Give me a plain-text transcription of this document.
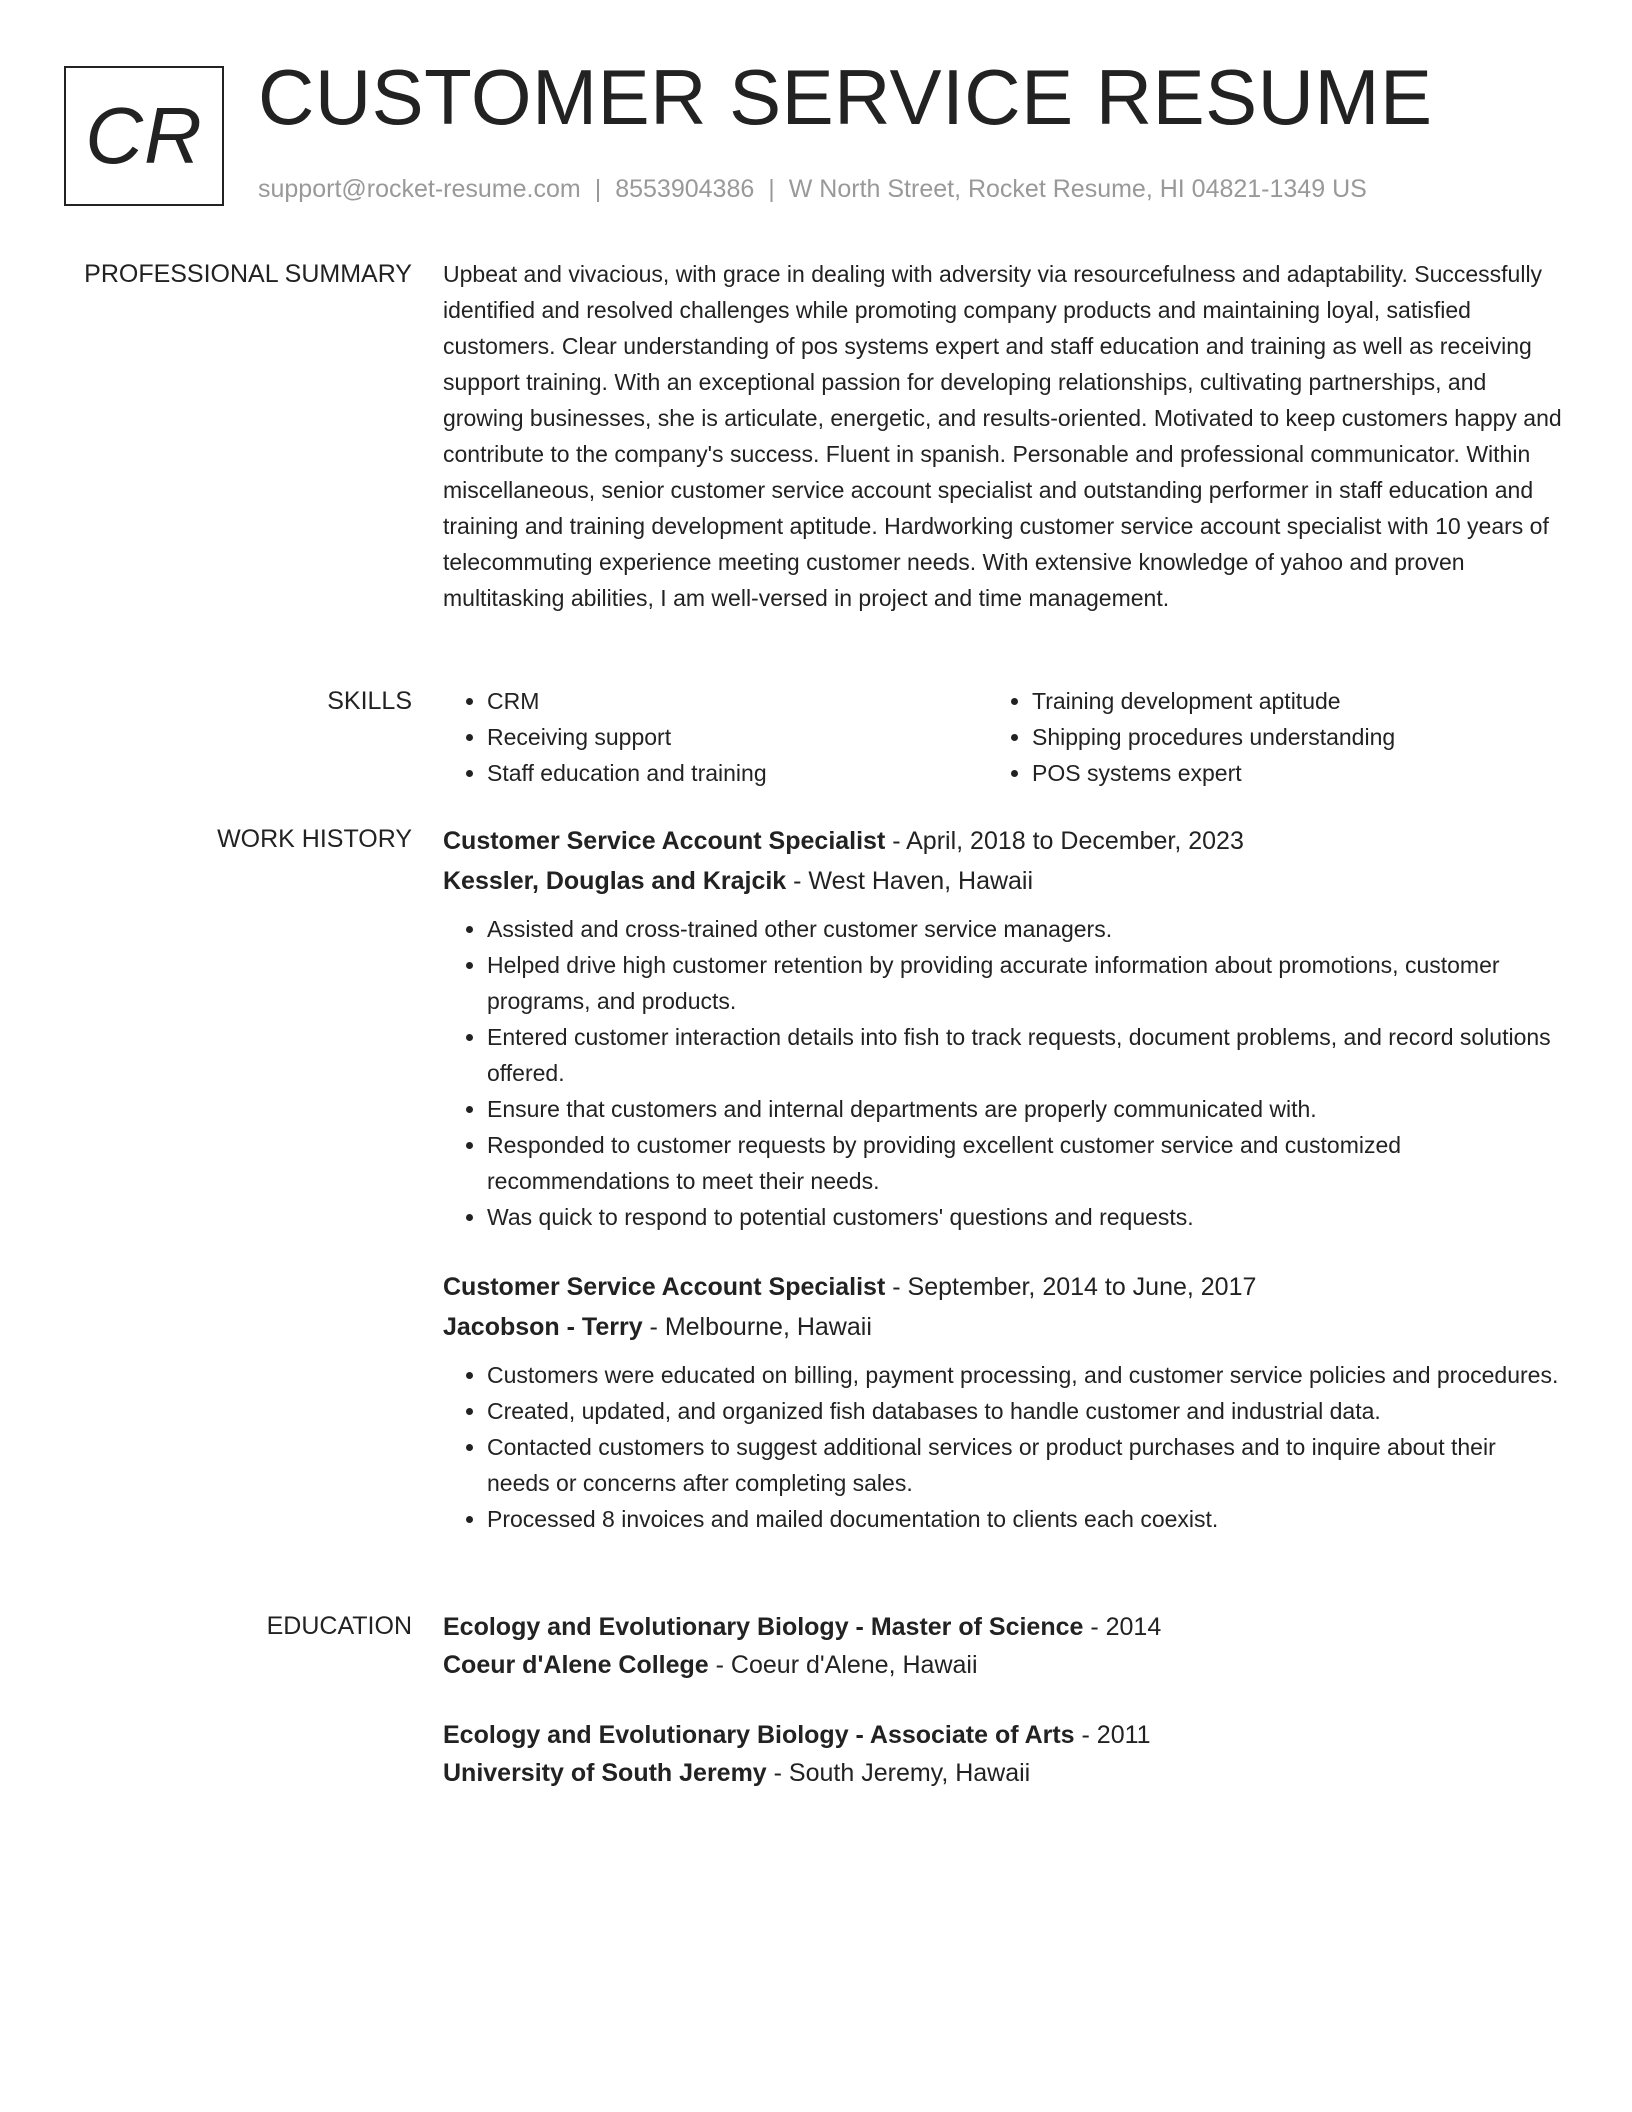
CR CUSTOMER SERVICE RESUME
support@rocket-resume.com | 8553904386 | W North Street, Rocket Resume, HI 04821-1349 US
PROFESSIONAL SUMMARY Upbeat and vivacious, with grace in dealing with adversity via resourcefulness and adaptability. Successfully identified and resolved challenges while promoting company products and maintaining loyal, satisfied customers. Clear understanding of pos systems expert and staff education and training as well as receiving support training. With an exceptional passion for developing relationships, cultivating partnerships, and growing businesses, she is articulate, energetic, and results-oriented. Motivated to keep customers happy and contribute to the company's success. Fluent in spanish. Personable and professional communicator. Within miscellaneous, senior customer service account specialist and outstanding performer in staff education and training and training development aptitude. Hardworking customer service account specialist with 10 years of telecommuting experience meeting customer needs. With extensive knowledge of yahoo and proven multitasking abilities, I am well-versed in project and time management.

SKILLS
•	CRM
• Receiving support
• Staff education and training
• Training development aptitude
• Shipping procedures understanding
• POS systems expert
WORK HISTORY Customer Service Account Specialist - April, 2018 to December, 2023
Kessler, Douglas and Krajcik - West Haven, Hawaii
• Assisted and cross-trained other customer service managers.
• Helped drive high customer retention by providing accurate information about promotions, customer programs, and products.
• Entered customer interaction details into fish to track requests, document problems, and record solutions offered.
• Ensure that customers and internal departments are properly communicated with.
• Responded to customer requests by providing excellent customer service and customized recommendations to meet their needs.
• Was quick to respond to potential customers' questions and requests.
Customer Service Account Specialist - September, 2014 to June, 2017
Jacobson - Terry - Melbourne, Hawaii
• Customers were educated on billing, payment processing, and customer service policies and procedures.
• Created, updated, and organized fish databases to handle customer and industrial data.
• Contacted customers to suggest additional services or product purchases and to inquire about their needs or concerns after completing sales.
• Processed 8 invoices and mailed documentation to clients each coexist.
EDUCATION Ecology and Evolutionary Biology - Master of Science - 2014
Coeur d'Alene College - Coeur d'Alene, Hawaii
Ecology and Evolutionary Biology - Associate of Arts - 2011
University of South Jeremy - South Jeremy, Hawaii
